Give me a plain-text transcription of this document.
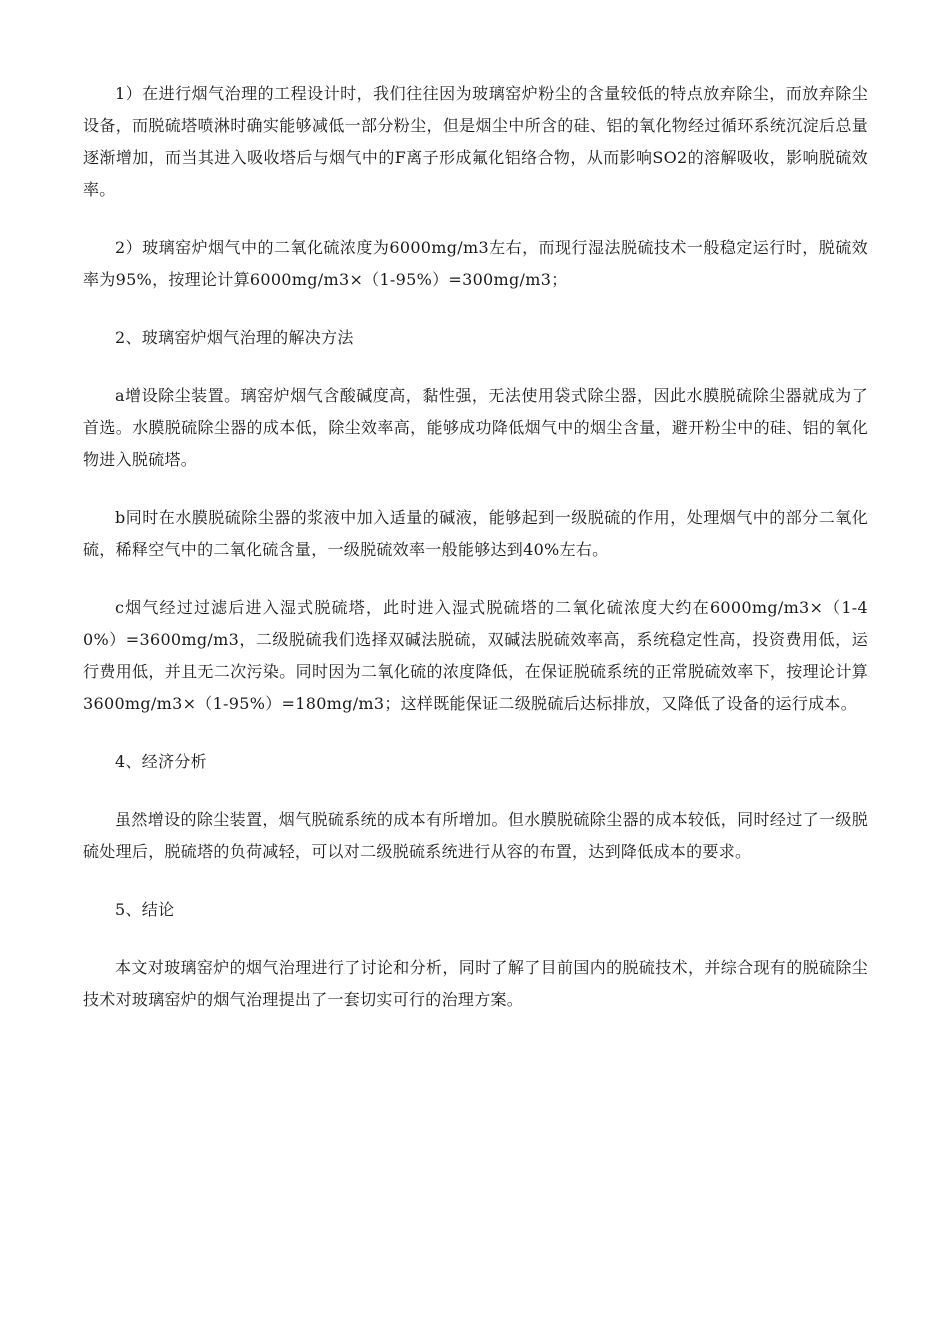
1）在进行烟气治理的工程设计时，我们往往因为玻璃窑炉粉尘的含量较低的特点放弃除尘，而放弃除尘设备，而脱硫塔喷淋时确实能够减低一部分粉尘，但是烟尘中所含的硅、铝的氧化物经过循环系统沉淀后总量逐渐增加，而当其进入吸收塔后与烟气中的F离子形成氟化铝络合物，从而影响SO2的溶解吸收，影响脱硫效率。

2）玻璃窑炉烟气中的二氧化硫浓度为6000mg/m3左右，而现行湿法脱硫技术一般稳定运行时，脱硫效率为95%，按理论计算6000mg/m3×（1-95%）=300mg/m3；

2、玻璃窑炉烟气治理的解决方法

a增设除尘装置。璃窑炉烟气含酸碱度高，黏性强，无法使用袋式除尘器，因此水膜脱硫除尘器就成为了首选。水膜脱硫除尘器的成本低，除尘效率高，能够成功降低烟气中的烟尘含量，避开粉尘中的硅、铝的氧化物进入脱硫塔。

b同时在水膜脱硫除尘器的浆液中加入适量的碱液，能够起到一级脱硫的作用，处理烟气中的部分二氧化硫，稀释空气中的二氧化硫含量，一级脱硫效率一般能够达到40%左右。

c烟气经过过滤后进入湿式脱硫塔，此时进入湿式脱硫塔的二氧化硫浓度大约在6000mg/m3×（1-40%）=3600mg/m3，二级脱硫我们选择双碱法脱硫，双碱法脱硫效率高，系统稳定性高，投资费用低，运行费用低，并且无二次污染。同时因为二氧化硫的浓度降低，在保证脱硫系统的正常脱硫效率下，按理论计算3600mg/m3×（1-95%）=180mg/m3；这样既能保证二级脱硫后达标排放，又降低了设备的运行成本。

4、经济分析

虽然增设的除尘装置，烟气脱硫系统的成本有所增加。但水膜脱硫除尘器的成本较低，同时经过了一级脱硫处理后，脱硫塔的负荷减轻，可以对二级脱硫系统进行从容的布置，达到降低成本的要求。

5、结论

本文对玻璃窑炉的烟气治理进行了讨论和分析，同时了解了目前国内的脱硫技术，并综合现有的脱硫除尘技术对玻璃窑炉的烟气治理提出了一套切实可行的治理方案。
